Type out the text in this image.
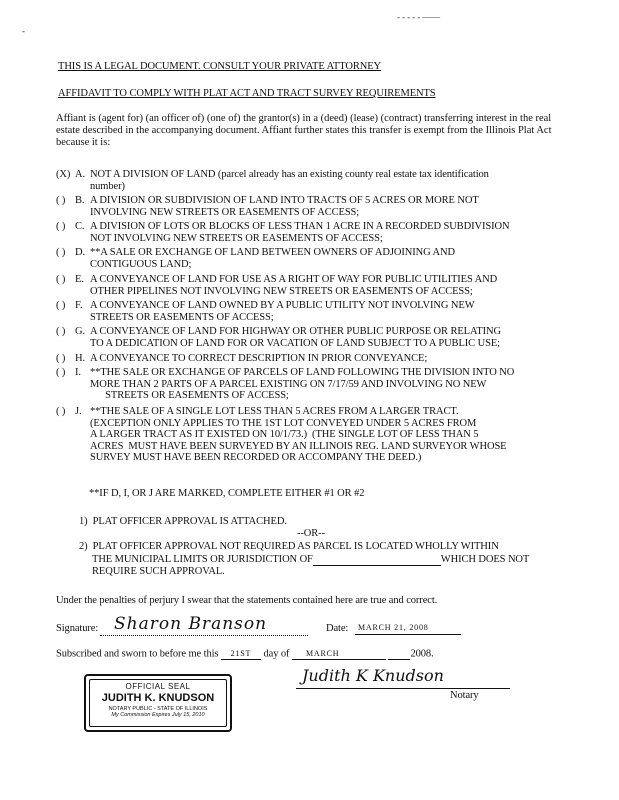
- - - - - ——
-
THIS IS A LEGAL DOCUMENT. CONSULT YOUR PRIVATE ATTORNEY
AFFIDAVIT TO COMPLY WITH PLAT ACT AND TRACT SURVEY REQUIREMENTS
Affiant is (agent for) (an officer of) (one of) the grantor(s) in a (deed) (lease) (contract) transferring interest in the real estate described in the accompanying document. Affiant further states this transfer is exempt from the Illinois Plat Act because it is:
(X) A. NOT A DIVISION OF LAND (parcel already has an existing county real estate tax identification
number)
( ) B. A DIVISION OR SUBDIVISION OF LAND INTO TRACTS OF 5 ACRES OR MORE NOT
INVOLVING NEW STREETS OR EASEMENTS OF ACCESS;
( ) C. A DIVISION OF LOTS OR BLOCKS OF LESS THAN 1 ACRE IN A RECORDED SUBDIVISION
NOT INVOLVING NEW STREETS OR EASEMENTS OF ACCESS;
( ) D. **A SALE OR EXCHANGE OF LAND BETWEEN OWNERS OF ADJOINING AND
CONTIGUOUS LAND;
( ) E. A CONVEYANCE OF LAND FOR USE AS A RIGHT OF WAY FOR PUBLIC UTILITIES AND
OTHER PIPELINES NOT INVOLVING NEW STREETS OR EASEMENTS OF ACCESS;
( ) F. A CONVEYANCE OF LAND OWNED BY A PUBLIC UTILITY NOT INVOLVING NEW
STREETS OR EASEMENTS OF ACCESS;
( ) G. A CONVEYANCE OF LAND FOR HIGHWAY OR OTHER PUBLIC PURPOSE OR RELATING
TO A DEDICATION OF LAND FOR OR VACATION OF LAND SUBJECT TO A PUBLIC USE;
( ) H. A CONVEYANCE TO CORRECT DESCRIPTION IN PRIOR CONVEYANCE;
( ) I. **THE SALE OR EXCHANGE OF PARCELS OF LAND FOLLOWING THE DIVISION INTO NO
MORE THAN 2 PARTS OF A PARCEL EXISTING ON 7/17/59 AND INVOLVING NO NEW
STREETS OR EASEMENTS OF ACCESS;
( ) J. **THE SALE OF A SINGLE LOT LESS THAN 5 ACRES FROM A LARGER TRACT.
(EXCEPTION ONLY APPLIES TO THE 1ST LOT CONVEYED UNDER 5 ACRES FROM
A LARGER TRACT AS IT EXISTED ON 10/1/73.)  (THE SINGLE LOT OF LESS THAN 5
ACRES  MUST HAVE BEEN SURVEYED BY AN ILLINOIS REG. LAND SURVEYOR WHOSE
SURVEY MUST HAVE BEEN RECORDED OR ACCOMPANY THE DEED.)
**IF D, I, OR J ARE MARKED, COMPLETE EITHER #1 OR #2
1) PLAT OFFICER APPROVAL IS ATTACHED.
--OR--
2) PLAT OFFICER APPROVAL NOT REQUIRED AS PARCEL IS LOCATED WHOLLY WITHIN
THE MUNICIPAL LIMITS OR JURISDICTION OF	WHICH DOES NOT
REQUIRE SUCH APPROVAL.
Under the penalties of perjury I swear that the statements contained here are true and correct.
Signature: Sharon Branson	Date: MARCH 21, 2008
Subscribed and sworn to before me this 21ST day of MARCH	2008.
OFFICIAL SEAL
JUDITH K. KNUDSON
NOTARY PUBLIC - STATE OF ILLINOIS
My Commission Expires July 15, 2010
Judith K Knudson
Notary
